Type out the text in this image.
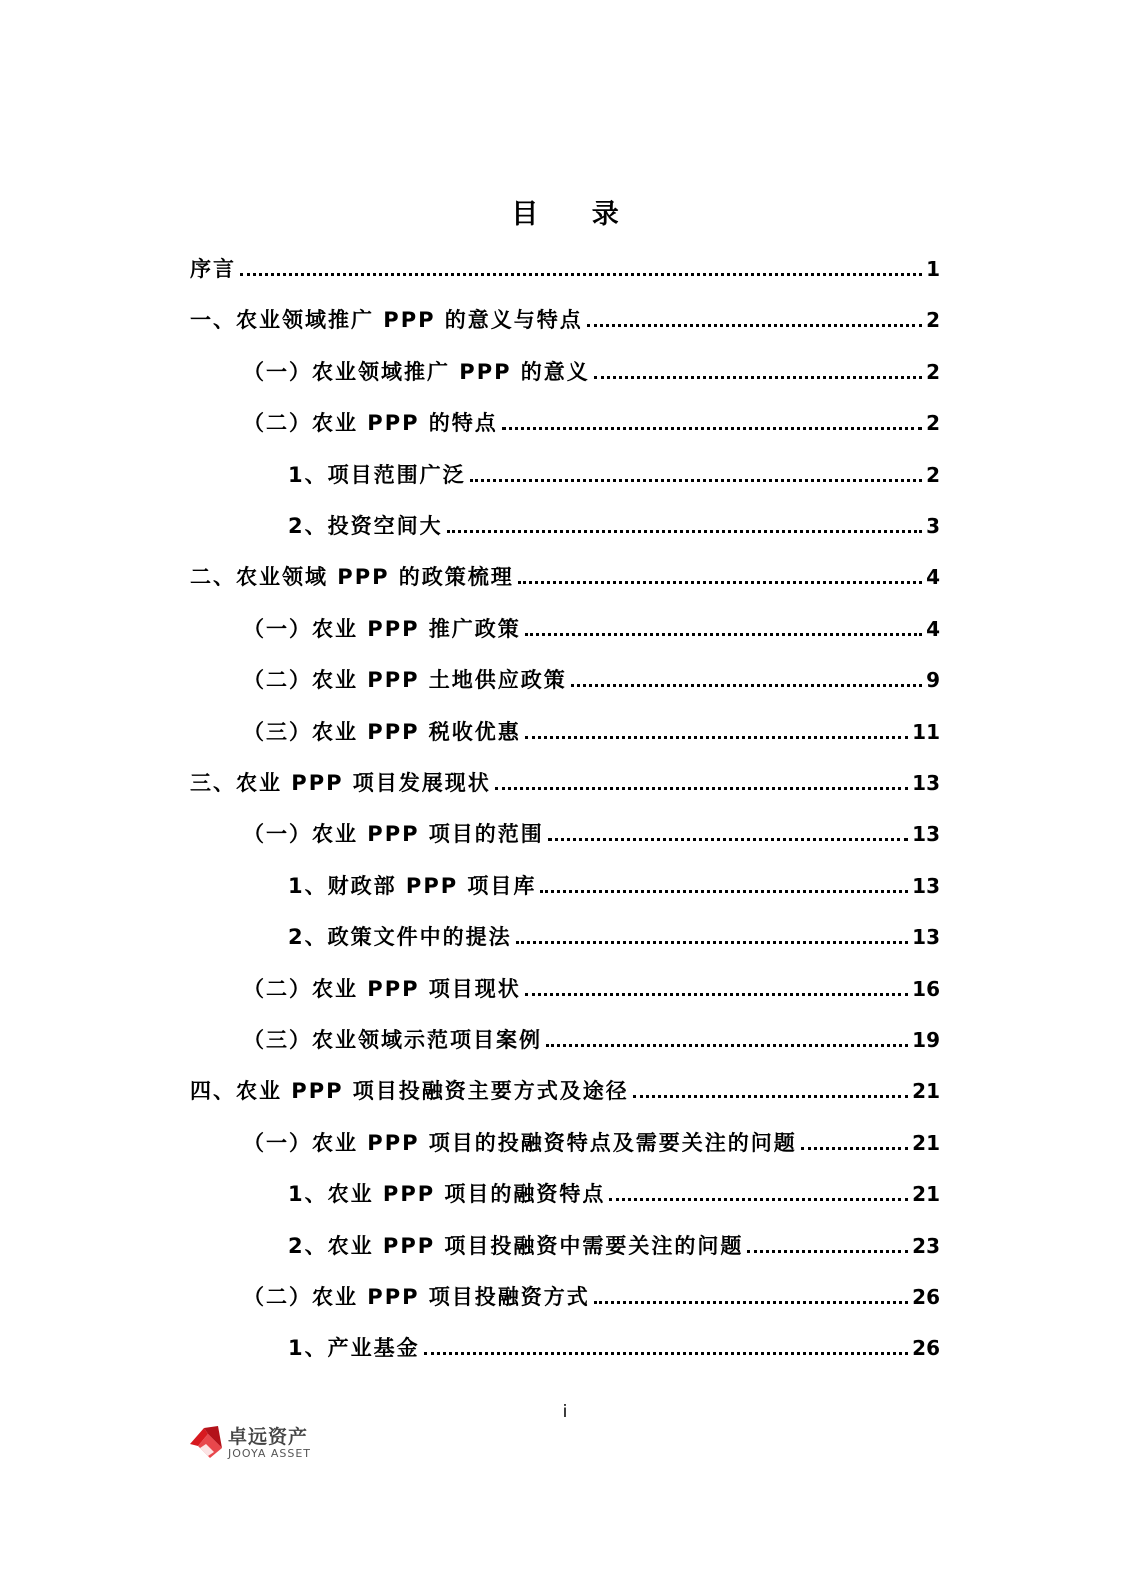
目 录
序言	1
一、农业领域推广 PPP 的意义与特点	2
（一）农业领域推广 PPP 的意义	2
（二）农业 PPP 的特点	2
1、项目范围广泛	2
2、投资空间大	3
二、农业领域 PPP 的政策梳理	4
（一）农业 PPP 推广政策	4
（二）农业 PPP 土地供应政策	9
（三）农业 PPP 税收优惠	11
三、农业 PPP 项目发展现状	13
（一）农业 PPP 项目的范围	13
1、财政部 PPP 项目库	13
2、政策文件中的提法	13
（二）农业 PPP 项目现状	16
（三）农业领域示范项目案例	19
四、农业 PPP 项目投融资主要方式及途径	21
（一）农业 PPP 项目的投融资特点及需要关注的问题	21
1、农业 PPP 项目的融资特点	21
2、农业 PPP 项目投融资中需要关注的问题	23
（二）农业 PPP 项目投融资方式	26
1、产业基金	26
i
卓远资产
JOOYA ASSET
